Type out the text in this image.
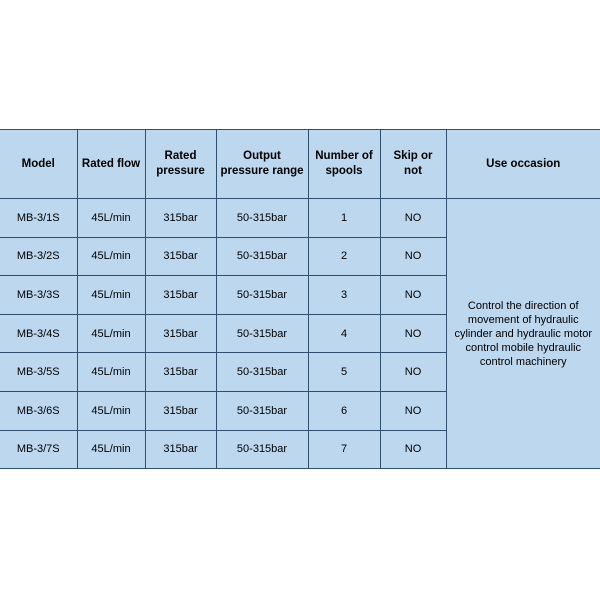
Model	Rated flow	Rated pressure	Output pressure range	Number of spools	Skip or not	Use occasion
MB-3/1S	45L/min	315bar	50-315bar	1	NO	Control the direction of movement of hydraulic cylinder and hydraulic motor control mobile hydraulic control machinery
MB-3/2S	45L/min	315bar	50-315bar	2	NO	
MB-3/3S	45L/min	315bar	50-315bar	3	NO	
MB-3/4S	45L/min	315bar	50-315bar	4	NO	
MB-3/5S	45L/min	315bar	50-315bar	5	NO	
MB-3/6S	45L/min	315bar	50-315bar	6	NO	
MB-3/7S	45L/min	315bar	50-315bar	7	NO	
